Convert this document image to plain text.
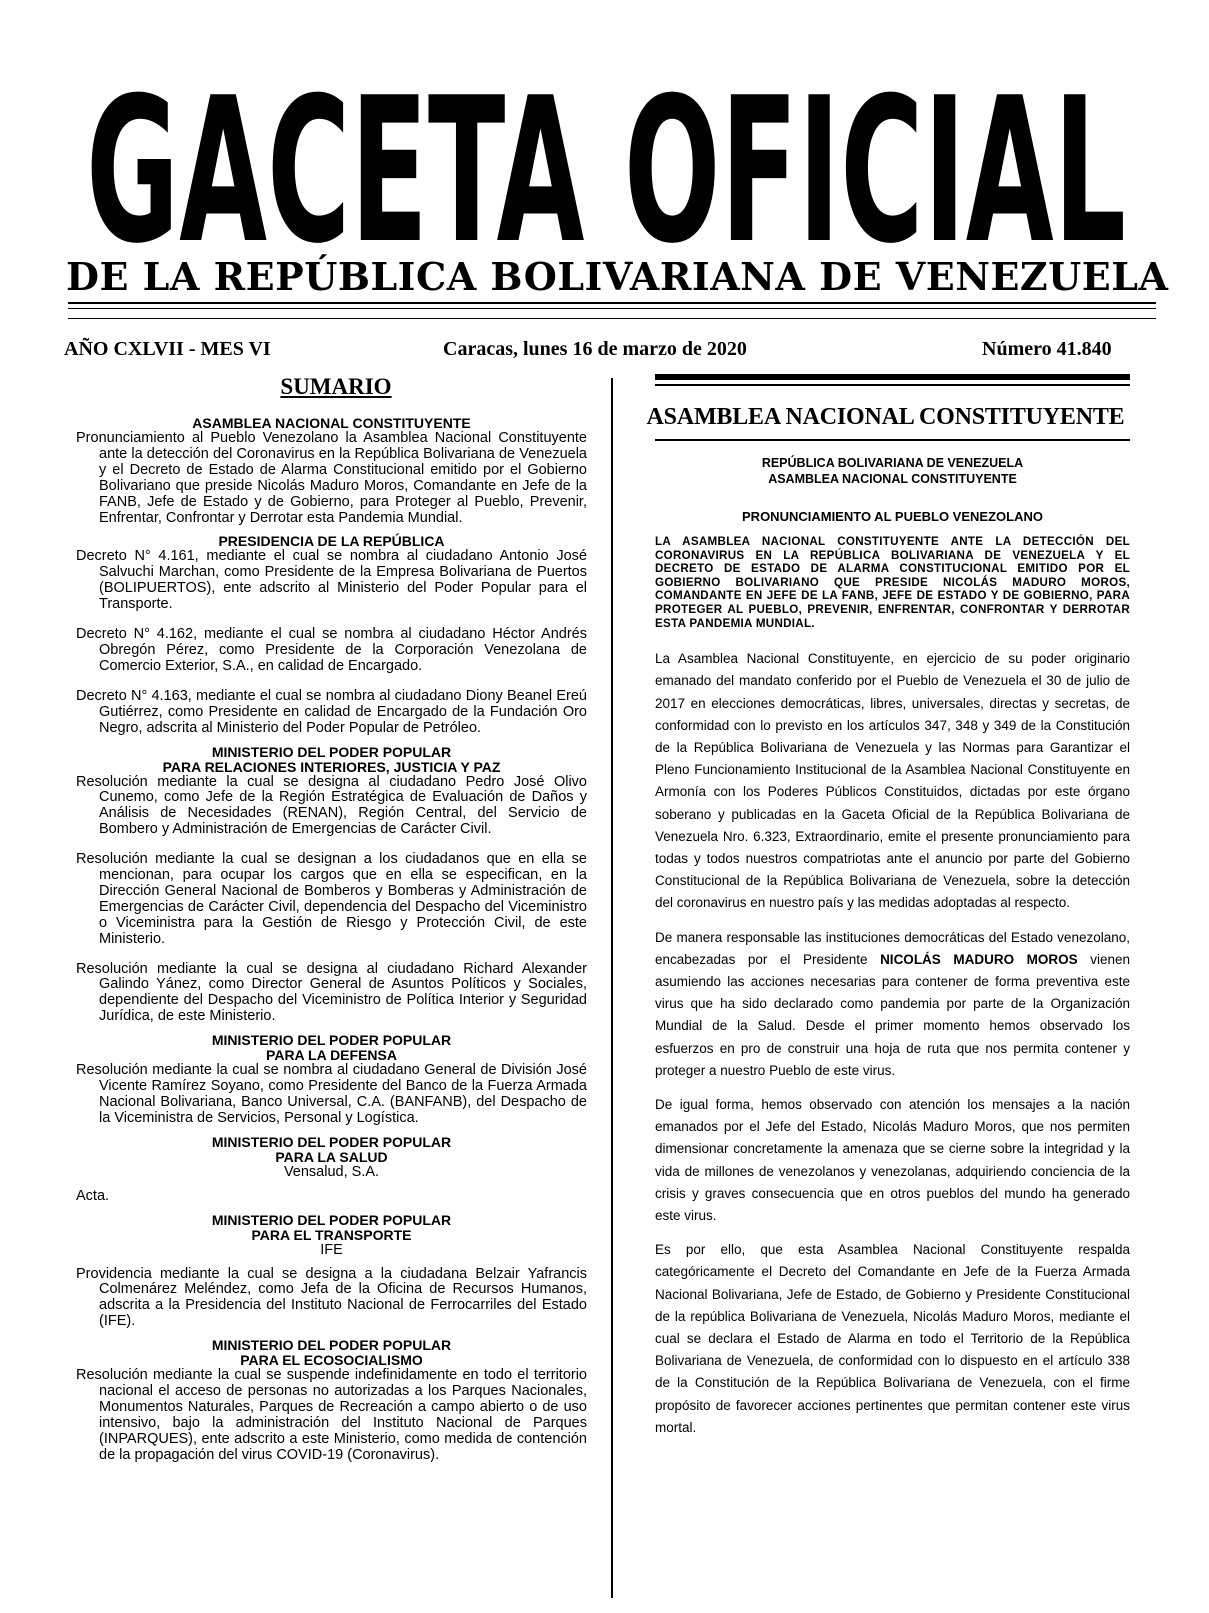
GACETA OFICIAL
DE LA REPÚBLICA BOLIVARIANA DE VENEZUELA
AÑO CXLVII - MES VI	Caracas, lunes 16 de marzo de 2020	Número 41.840
SUMARIO
ASAMBLEA NACIONAL CONSTITUYENTE

Pronunciamiento al Pueblo Venezolano la Asamblea Nacional Constituyente ante la detección del Coronavirus en la República Bolivariana de Venezuela y el Decreto de Estado de Alarma Constitucional emitido por el Gobierno Bolivariano que preside Nicolás Maduro Moros, Comandante en Jefe de la FANB, Jefe de Estado y de Gobierno, para Proteger al Pueblo, Prevenir, Enfrentar, Confrontar y Derrotar esta Pandemia Mundial.

PRESIDENCIA DE LA REPÚBLICA

Decreto N° 4.161, mediante el cual se nombra al ciudadano Antonio José Salvuchi Marchan, como Presidente de la Empresa Bolivariana de Puertos (BOLIPUERTOS), ente adscrito al Ministerio del Poder Popular para el Transporte.

Decreto N° 4.162, mediante el cual se nombra al ciudadano Héctor Andrés Obregón Pérez, como Presidente de la Corporación Venezolana de Comercio Exterior, S.A., en calidad de Encargado.

Decreto N° 4.163, mediante el cual se nombra al ciudadano Diony Beanel Ereú Gutiérrez, como Presidente en calidad de Encargado de la Fundación Oro Negro, adscrita al Ministerio del Poder Popular de Petróleo.

MINISTERIO DEL PODER POPULAR
PARA RELACIONES INTERIORES, JUSTICIA Y PAZ

Resolución mediante la cual se designa al ciudadano Pedro José Olivo Cunemo, como Jefe de la Región Estratégica de Evaluación de Daños y Análisis de Necesidades (RENAN), Región Central, del Servicio de Bombero y Administración de Emergencias de Carácter Civil.

Resolución mediante la cual se designan a los ciudadanos que en ella se mencionan, para ocupar los cargos que en ella se especifican, en la Dirección General Nacional de Bomberos y Bomberas y Administración de Emergencias de Carácter Civil, dependencia del Despacho del Viceministro o Viceministra para la Gestión de Riesgo y Protección Civil, de este Ministerio.

Resolución mediante la cual se designa al ciudadano Richard Alexander Galindo Yánez, como Director General de Asuntos Políticos y Sociales, dependiente del Despacho del Viceministro de Política Interior y Seguridad Jurídica, de este Ministerio.

MINISTERIO DEL PODER POPULAR
PARA LA DEFENSA

Resolución mediante la cual se nombra al ciudadano General de División José Vicente Ramírez Soyano, como Presidente del Banco de la Fuerza Armada Nacional Bolivariana, Banco Universal, C.A. (BANFANB), del Despacho de la Viceministra de Servicios, Personal y Logística.

MINISTERIO DEL PODER POPULAR
PARA LA SALUD
Vensalud, S.A.

Acta.

MINISTERIO DEL PODER POPULAR
PARA EL TRANSPORTE
IFE

Providencia mediante la cual se designa a la ciudadana Belzair Yafrancis Colmenárez Meléndez, como Jefa de la Oficina de Recursos Humanos, adscrita a la Presidencia del Instituto Nacional de Ferrocarriles del Estado (IFE).

MINISTERIO DEL PODER POPULAR
PARA EL ECOSOCIALISMO

Resolución mediante la cual se suspende indefinidamente en todo el territorio nacional el acceso de personas no autorizadas a los Parques Nacionales, Monumentos Naturales, Parques de Recreación a campo abierto o de uso intensivo, bajo la administración del Instituto Nacional de Parques (INPARQUES), ente adscrito a este Ministerio, como medida de contención de la propagación del virus COVID-19 (Coronavirus).

ASAMBLEA NACIONAL CONSTITUYENTE
REPÚBLICA BOLIVARIANA DE VENEZUELA
ASAMBLEA NACIONAL CONSTITUYENTE
PRONUNCIAMIENTO AL PUEBLO VENEZOLANO
LA ASAMBLEA NACIONAL CONSTITUYENTE ANTE LA DETECCIÓN DEL CORONAVIRUS EN LA REPÚBLICA BOLIVARIANA DE VENEZUELA Y EL DECRETO DE ESTADO DE ALARMA CONSTITUCIONAL EMITIDO POR EL GOBIERNO BOLIVARIANO QUE PRESIDE NICOLÁS MADURO MOROS, COMANDANTE EN JEFE DE LA FANB, JEFE DE ESTADO Y DE GOBIERNO, PARA PROTEGER AL PUEBLO, PREVENIR, ENFRENTAR, CONFRONTAR Y DERROTAR ESTA PANDEMIA MUNDIAL.

La Asamblea Nacional Constituyente, en ejercicio de su poder originario emanado del mandato conferido por el Pueblo de Venezuela el 30 de julio de 2017 en elecciones democráticas, libres, universales, directas y secretas, de conformidad con lo previsto en los artículos 347, 348 y 349 de la Constitución de la República Bolivariana de Venezuela y las Normas para Garantizar el Pleno Funcionamiento Institucional de la Asamblea Nacional Constituyente en Armonía con los Poderes Públicos Constituidos, dictadas por este órgano soberano y publicadas en la Gaceta Oficial de la República Bolivariana de Venezuela Nro. 6.323, Extraordinario, emite el presente pronunciamiento para todas y todos nuestros compatriotas ante el anuncio por parte del Gobierno Constitucional de la República Bolivariana de Venezuela, sobre la detección del coronavirus en nuestro país y las medidas adoptadas al respecto.

De manera responsable las instituciones democráticas del Estado venezolano, encabezadas por el Presidente NICOLÁS MADURO MOROS vienen asumiendo las acciones necesarias para contener de forma preventiva este virus que ha sido declarado como pandemia por parte de la Organización Mundial de la Salud. Desde el primer momento hemos observado los esfuerzos en pro de construir una hoja de ruta que nos permita contener y proteger a nuestro Pueblo de este virus.

De igual forma, hemos observado con atención los mensajes a la nación emanados por el Jefe del Estado, Nicolás Maduro Moros, que nos permiten dimensionar concretamente la amenaza que se cierne sobre la integridad y la vida de millones de venezolanos y venezolanas, adquiriendo conciencia de la crisis y graves consecuencia que en otros pueblos del mundo ha generado este virus.

Es por ello, que esta Asamblea Nacional Constituyente respalda categóricamente el Decreto del Comandante en Jefe de la Fuerza Armada Nacional Bolivariana, Jefe de Estado, de Gobierno y Presidente Constitucional de la república Bolivariana de Venezuela, Nicolás Maduro Moros, mediante el cual se declara el Estado de Alarma en todo el Territorio de la República Bolivariana de Venezuela, de conformidad con lo dispuesto en el artículo 338 de la Constitución de la República Bolivariana de Venezuela, con el firme propósito de favorecer acciones pertinentes que permitan contener este virus mortal.
